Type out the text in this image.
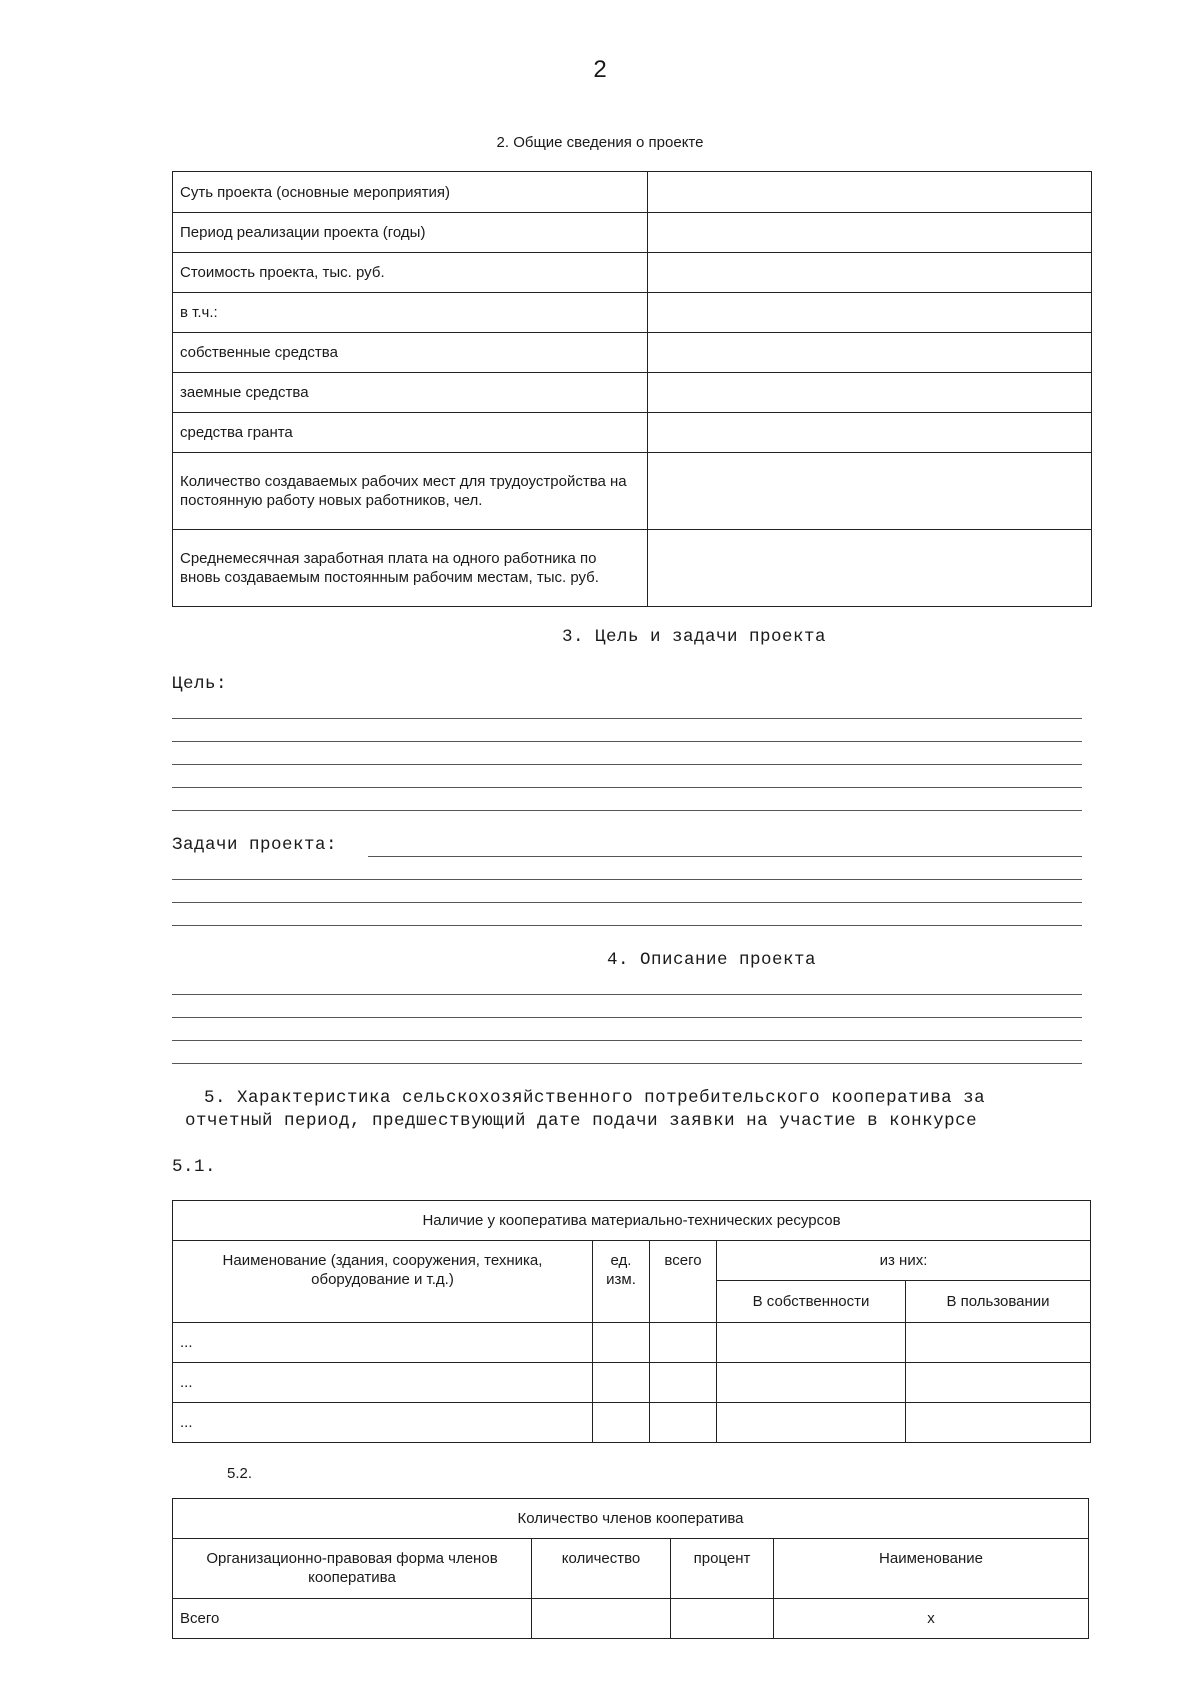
2
2. Общие сведения о проекте
Суть проекта (основные мероприятия)	
Период реализации проекта (годы)	
Стоимость проекта, тыс. руб.	
в т.ч.:	
собственные средства	
заемные средства	
средства гранта	
Количество создаваемых рабочих мест для трудоустройства на постоянную работу новых работников, чел.	
Среднемесячная заработная плата на одного работника по вновь создаваемым постоянным рабочим местам, тыс. руб.	
3. Цель и задачи проекта
Цель:
Задачи проекта:
4. Описание проекта
5. Характеристика сельскохозяйственного потребительского кооператива за
отчетный период, предшествующий дате подачи заявки на участие в конкурсе
5.1.
Наличие у кооператива материально-технических ресурсов				
Наименование (здания, сооружения, техника, оборудование и т.д.)	ед. изм.	всего	из них:	
			В собственности	В пользовании
...				
...				
...				
5.2.
Количество членов кооператива			
Организационно-правовая форма членов кооператива	количество	процент	Наименование
Всего			x
